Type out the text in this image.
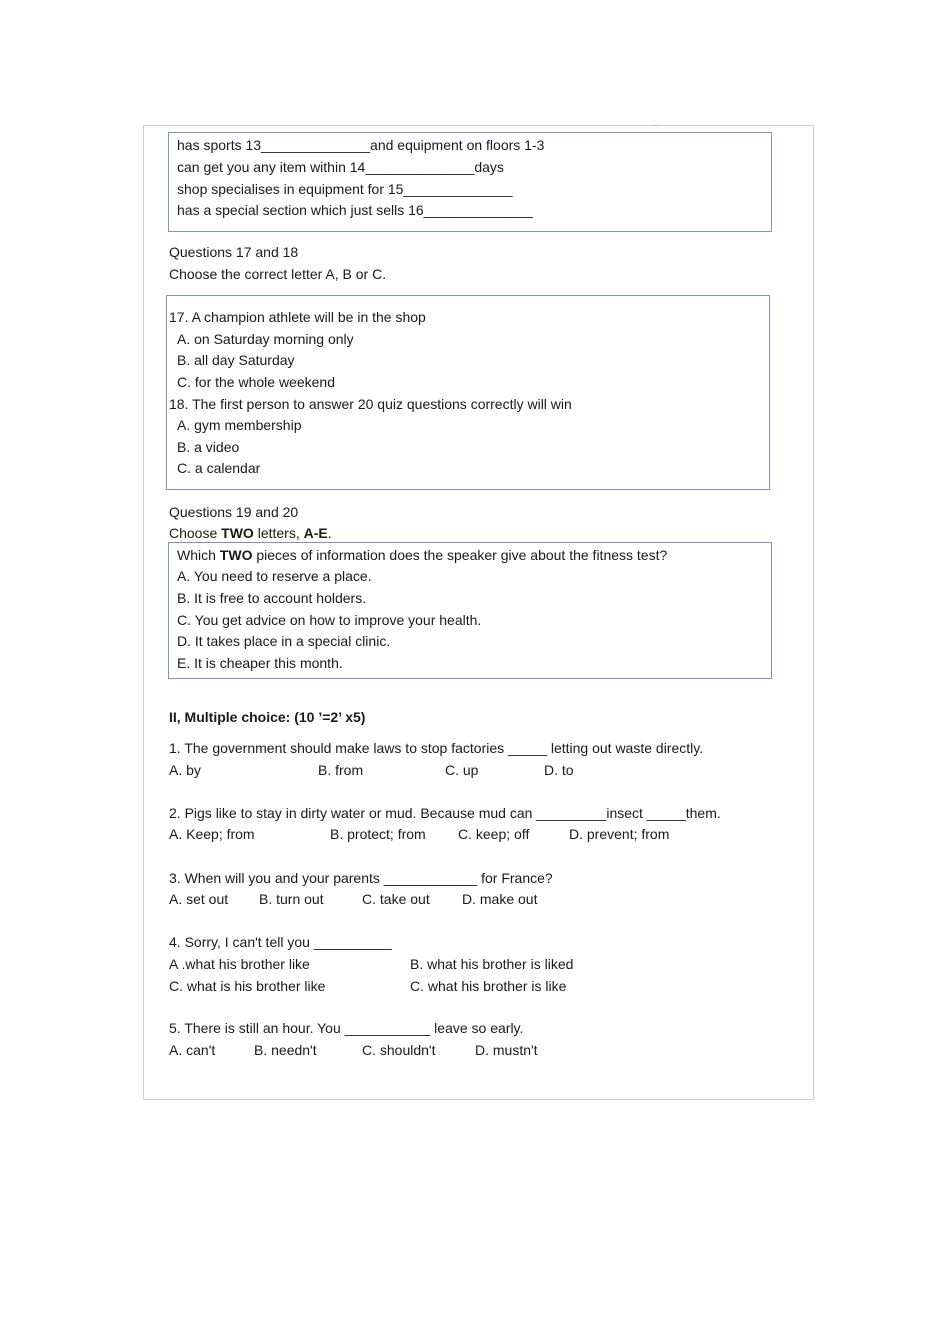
…
has sports 13______________and equipment on floors 1-3
can get you any item within 14______________days
shop specialises in equipment for 15______________
has a special section which just sells 16______________
Questions 17 and 18
Choose the correct letter A, B or C.
17. A champion athlete will be in the shop
A. on Saturday morning only
B. all day Saturday
C. for the whole weekend
18. The first person to answer 20 quiz questions correctly will win
A. gym membership
B. a video
C. a calendar
Questions 19 and 20
Choose TWO letters, A-E.
Which TWO pieces of information does the speaker give about the fitness test?
A. You need to reserve a place.
B. It is free to account holders.
C. You get advice on how to improve your health.
D. It takes place in a special clinic.
E. It is cheaper this month.
II, Multiple choice: (10 ’=2’ x5)
1. The government should make laws to stop factories _____ letting out waste directly.
A. by	B. from	C. up	D. to
2. Pigs like to stay in dirty water or mud. Because mud can _________insect _____them.
A. Keep; from	B. protect; from C. keep; off	D. prevent; from
3. When will you and your parents ____________ for France?
A. set out B. turn out	C. take out D. make out
4. Sorry, I can't tell you __________
A .what his brother like	B. what his brother is liked
C. what is his brother like	C. what his brother is like
5. There is still an hour. You ___________ leave so early.
A. can't	B. needn't	C. shouldn't	D. mustn't
